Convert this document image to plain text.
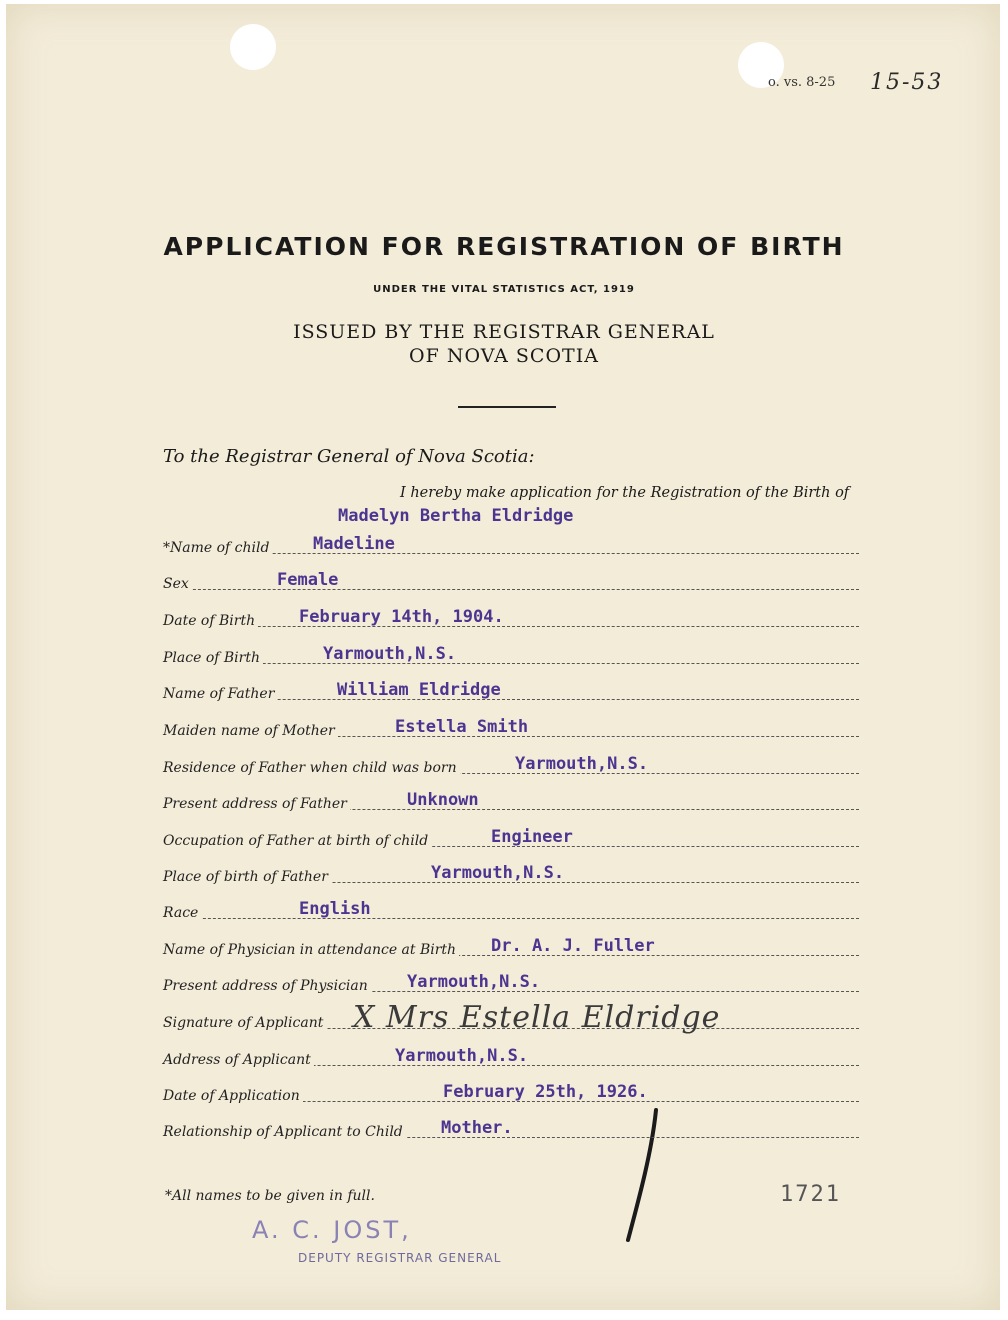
o. vs. 8-25 15-53
APPLICATION FOR REGISTRATION OF BIRTH
UNDER THE VITAL STATISTICS ACT, 1919
ISSUED BY THE REGISTRAR GENERAL
OF NOVA SCOTIA
To the Registrar General of Nova Scotia:
I hereby make application for the Registration of the Birth of
Madelyn Bertha Eldridge
*Name of child	Madeline
Sex	Female
Date of Birth	February 14th, 1904.
Place of Birth	Yarmouth,N.S.
Name of Father	William Eldridge
Maiden name of Mother	Estella Smith
Residence of Father when child was born	Yarmouth,N.S.
Present address of Father	Unknown
Occupation of Father at birth of child	Engineer
Place of birth of Father	Yarmouth,N.S.
Race	English
Name of Physician in attendance at Birth Dr. A. J. Fuller
Present address of Physician Yarmouth,N.S.
Signature of Applicant X Mrs Estella Eldridge
Address of Applicant	Yarmouth,N.S.
Date of Application	February 25th, 1926.
Relationship of Applicant to Child Mother.
*All names to be given in full.
A. C. JOST,
DEPUTY REGISTRAR GENERAL
1721
